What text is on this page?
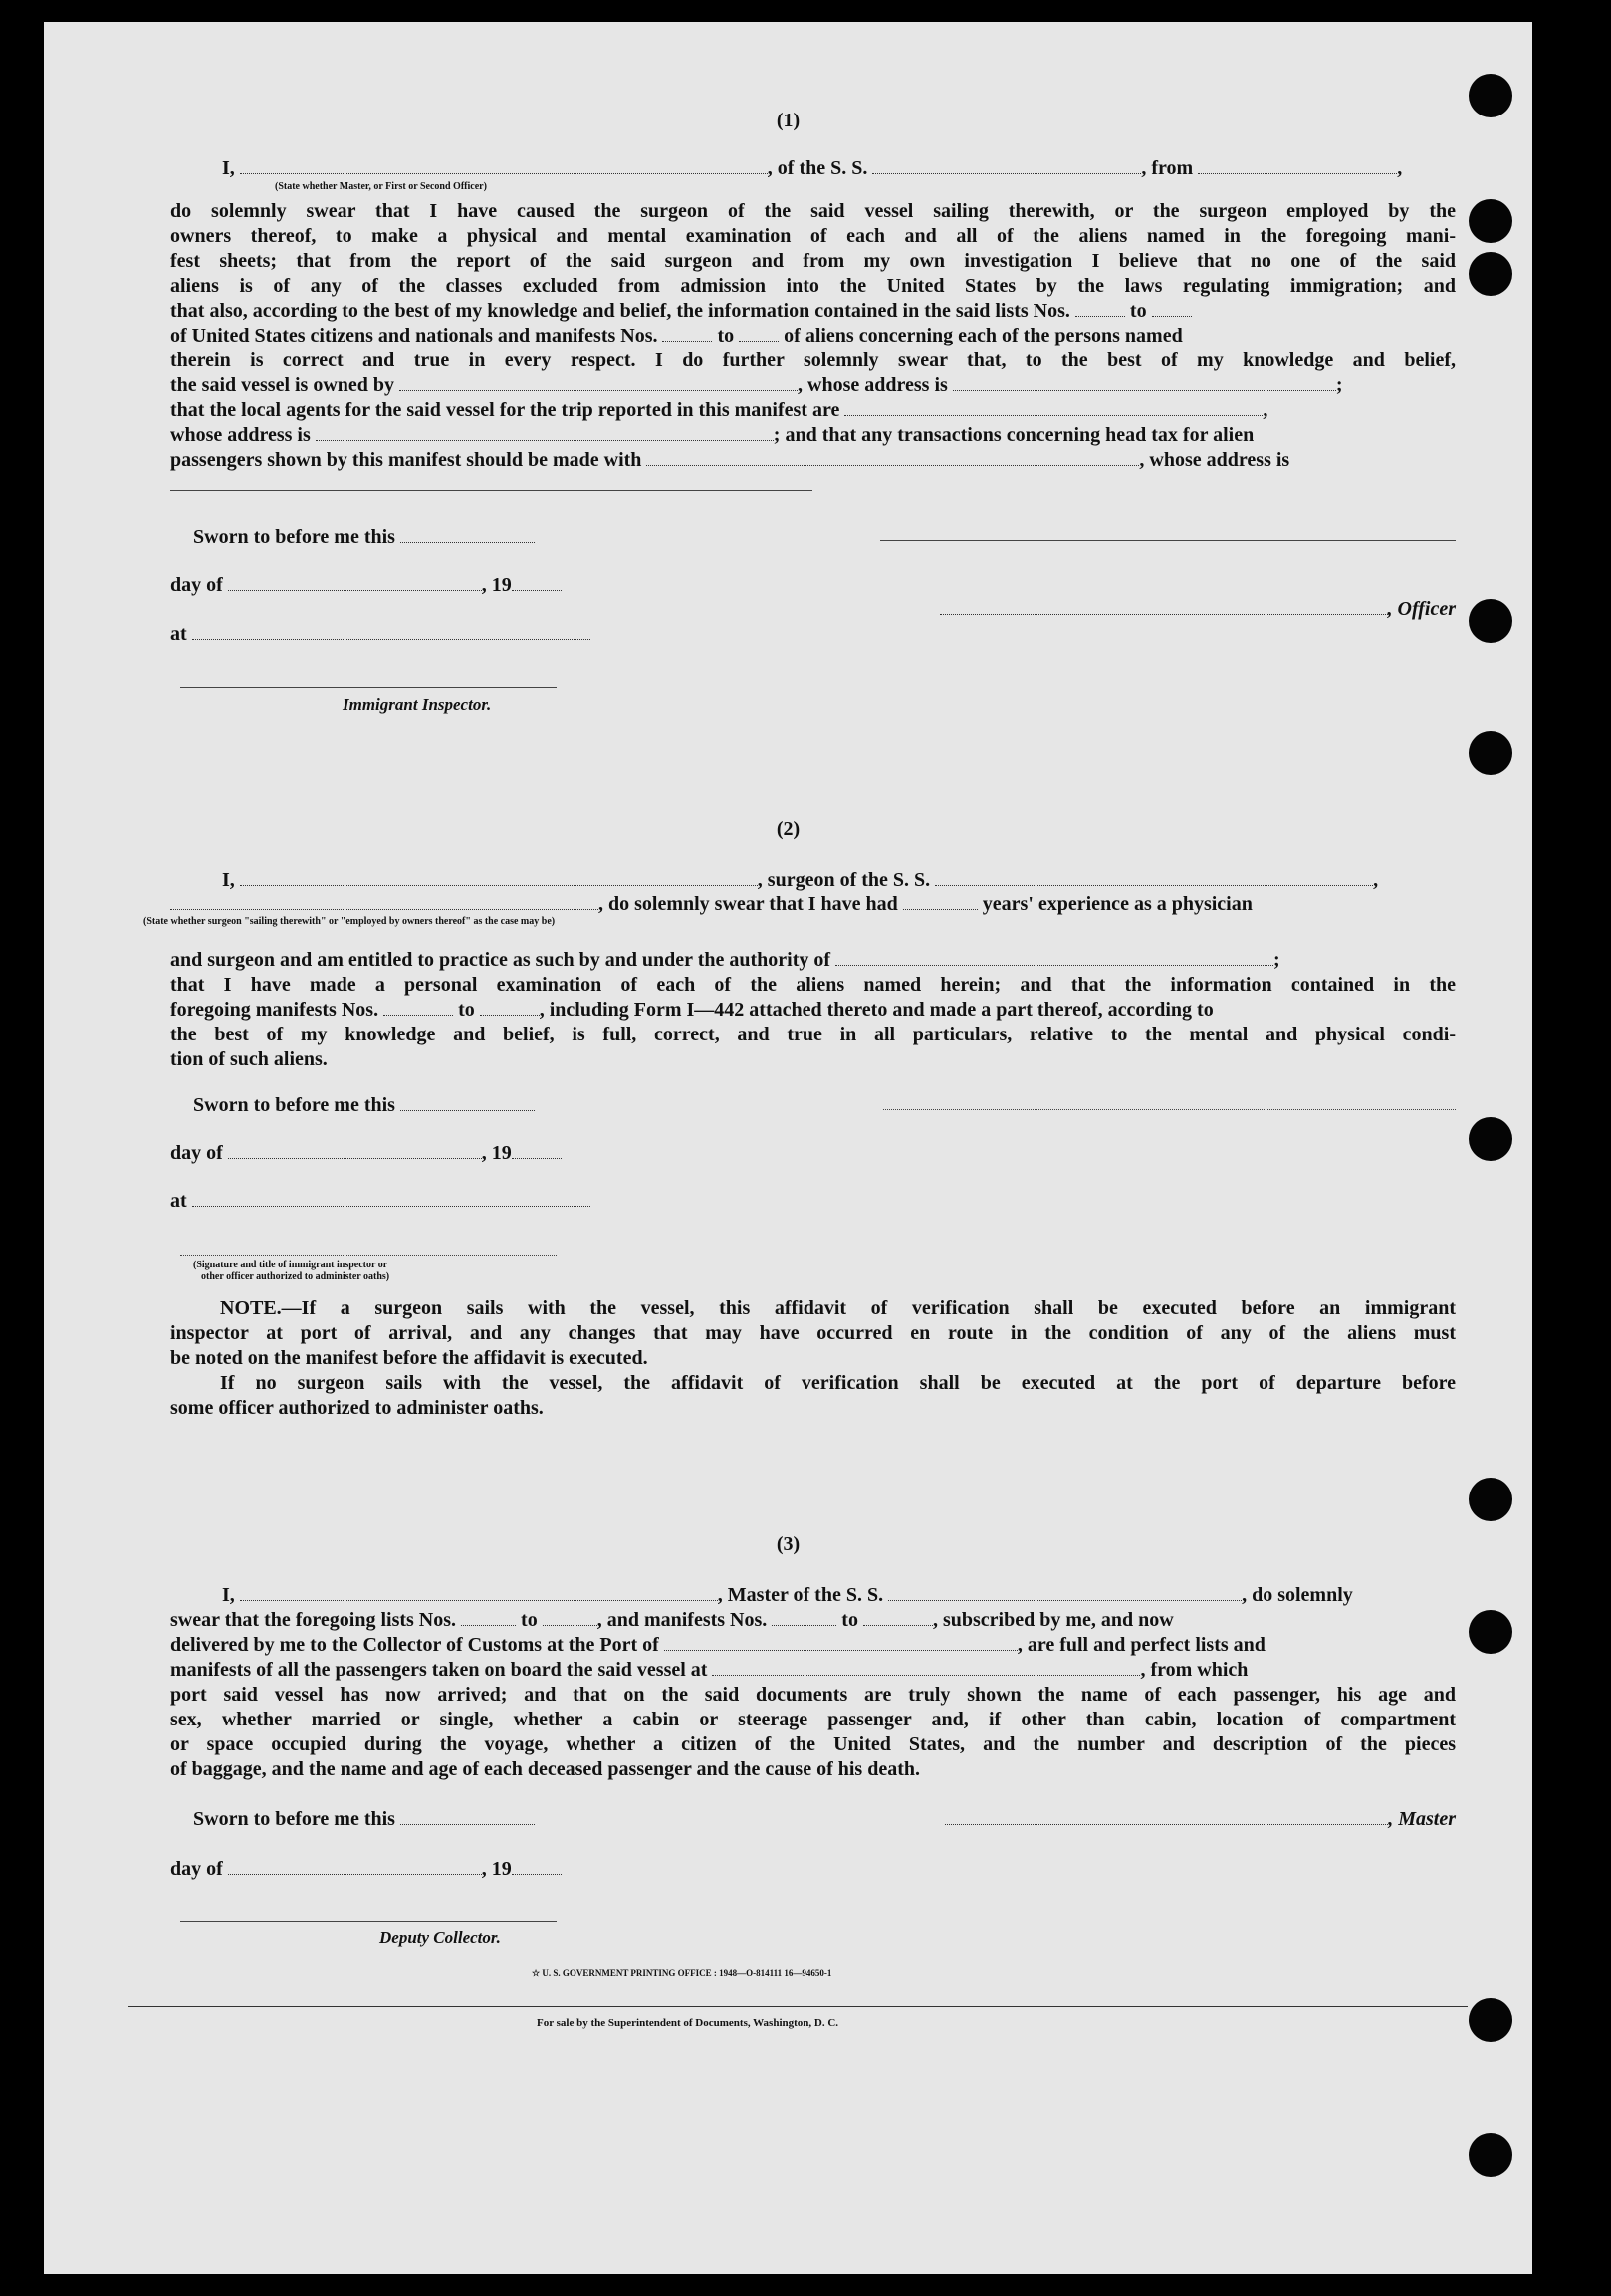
(1)
I,	, of the S. S.	, from	,
(State whether Master, or First or Second Officer)
do solemnly swear that I have caused the surgeon of the said vessel sailing therewith, or the surgeon employed by the
owners thereof, to make a physical and mental examination of each and all of the aliens named in the foregoing mani-
fest sheets; that from the report of the said surgeon and from my own investigation I believe that no one of the said
aliens is of any of the classes excluded from admission into the United States by the laws regulating immigration; and
that also, according to the best of my knowledge and belief, the information contained in the said lists Nos.	to
of United States citizens and nationals and manifests Nos.	to	of aliens concerning each of the persons named
therein is correct and true in every respect. I do further solemnly swear that, to the best of my knowledge and belief,
the said vessel is owned by	, whose address is	;
that the local agents for the said vessel for the trip reported in this manifest are	,
whose address is	; and that any transactions concerning head tax for alien
passengers shown by this manifest should be made with	, whose address is
Sworn to before me this
day of	, 19
, Officer
at
Immigrant Inspector.
(2)
I,	, surgeon of the S. S.	,
, do solemnly swear that I have had	years' experience as a physician
(State whether surgeon "sailing therewith" or "employed by owners thereof" as the case may be)
and surgeon and am entitled to practice as such by and under the authority of	;
that I have made a personal examination of each of the aliens named herein; and that the information contained in the
foregoing manifests Nos.	to	, including Form I—442 attached thereto and made a part thereof, according to
the best of my knowledge and belief, is full, correct, and true in all particulars, relative to the mental and physical condi-
tion of such aliens.
Sworn to before me this
day of	, 19
at
(Signature and title of immigrant inspector or
other officer authorized to administer oaths)
NOTE.—If a surgeon sails with the vessel, this affidavit of verification shall be executed before an immigrant
inspector at port of arrival, and any changes that may have occurred en route in the condition of any of the aliens must
be noted on the manifest before the affidavit is executed.
If no surgeon sails with the vessel, the affidavit of verification shall be executed at the port of departure before
some officer authorized to administer oaths.
(3)
I,	, Master of the S. S.	, do solemnly
swear that the foregoing lists Nos.	to	, and manifests Nos.	to	, subscribed by me, and now
delivered by me to the Collector of Customs at the Port of	, are full and perfect lists and
manifests of all the passengers taken on board the said vessel at	, from which
port said vessel has now arrived; and that on the said documents are truly shown the name of each passenger, his age and
sex, whether married or single, whether a cabin or steerage passenger and, if other than cabin, location of compartment
or space occupied during the voyage, whether a citizen of the United States, and the number and description of the pieces
of baggage, and the name and age of each deceased passenger and the cause of his death.
Sworn to before me this	, Master
day of	, 19
Deputy Collector.
☆ U. S. GOVERNMENT PRINTING OFFICE : 1948—O-814111 16—94650-1
For sale by the Superintendent of Documents, Washington, D. C.
